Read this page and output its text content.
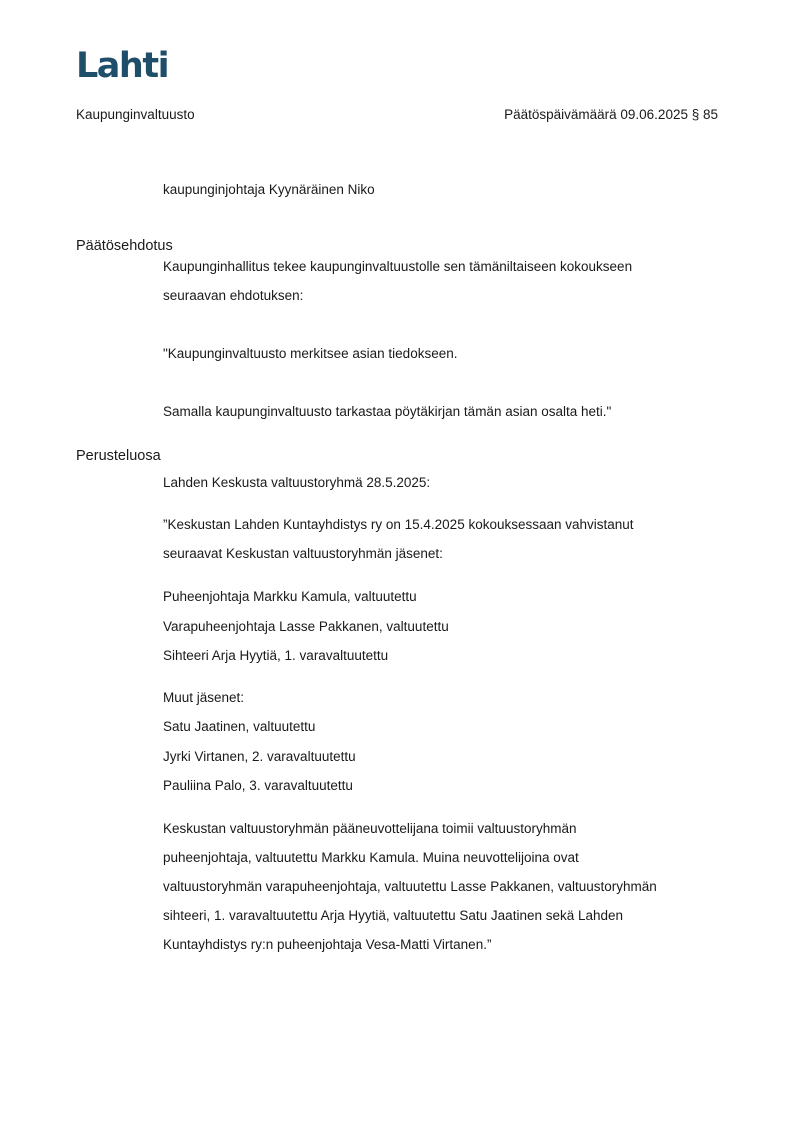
Lahti
Kaupunginvaltuusto	Päätöspäivämäärä 09.06.2025 § 85
kaupunginjohtaja Kyynäräinen Niko
Päätösehdotus
Kaupunginhallitus tekee kaupunginvaltuustolle sen tämäniltaiseen kokoukseen
seuraavan ehdotuksen:
"Kaupunginvaltuusto merkitsee asian tiedokseen.
Samalla kaupunginvaltuusto tarkastaa pöytäkirjan tämän asian osalta heti."
Perusteluosa
Lahden Keskusta valtuustoryhmä 28.5.2025:
”Keskustan Lahden Kuntayhdistys ry on 15.4.2025 kokouksessaan vahvistanut
seuraavat Keskustan valtuustoryhmän jäsenet:
Puheenjohtaja Markku Kamula, valtuutettu
Varapuheenjohtaja Lasse Pakkanen, valtuutettu
Sihteeri Arja Hyytiä, 1. varavaltuutettu
Muut jäsenet:
Satu Jaatinen, valtuutettu
Jyrki Virtanen, 2. varavaltuutettu
Pauliina Palo, 3. varavaltuutettu
Keskustan valtuustoryhmän pääneuvottelijana toimii valtuustoryhmän
puheenjohtaja, valtuutettu Markku Kamula. Muina neuvottelijoina ovat
valtuustoryhmän varapuheenjohtaja, valtuutettu Lasse Pakkanen, valtuustoryhmän
sihteeri, 1. varavaltuutettu Arja Hyytiä, valtuutettu Satu Jaatinen sekä Lahden
Kuntayhdistys ry:n puheenjohtaja Vesa-Matti Virtanen.”
